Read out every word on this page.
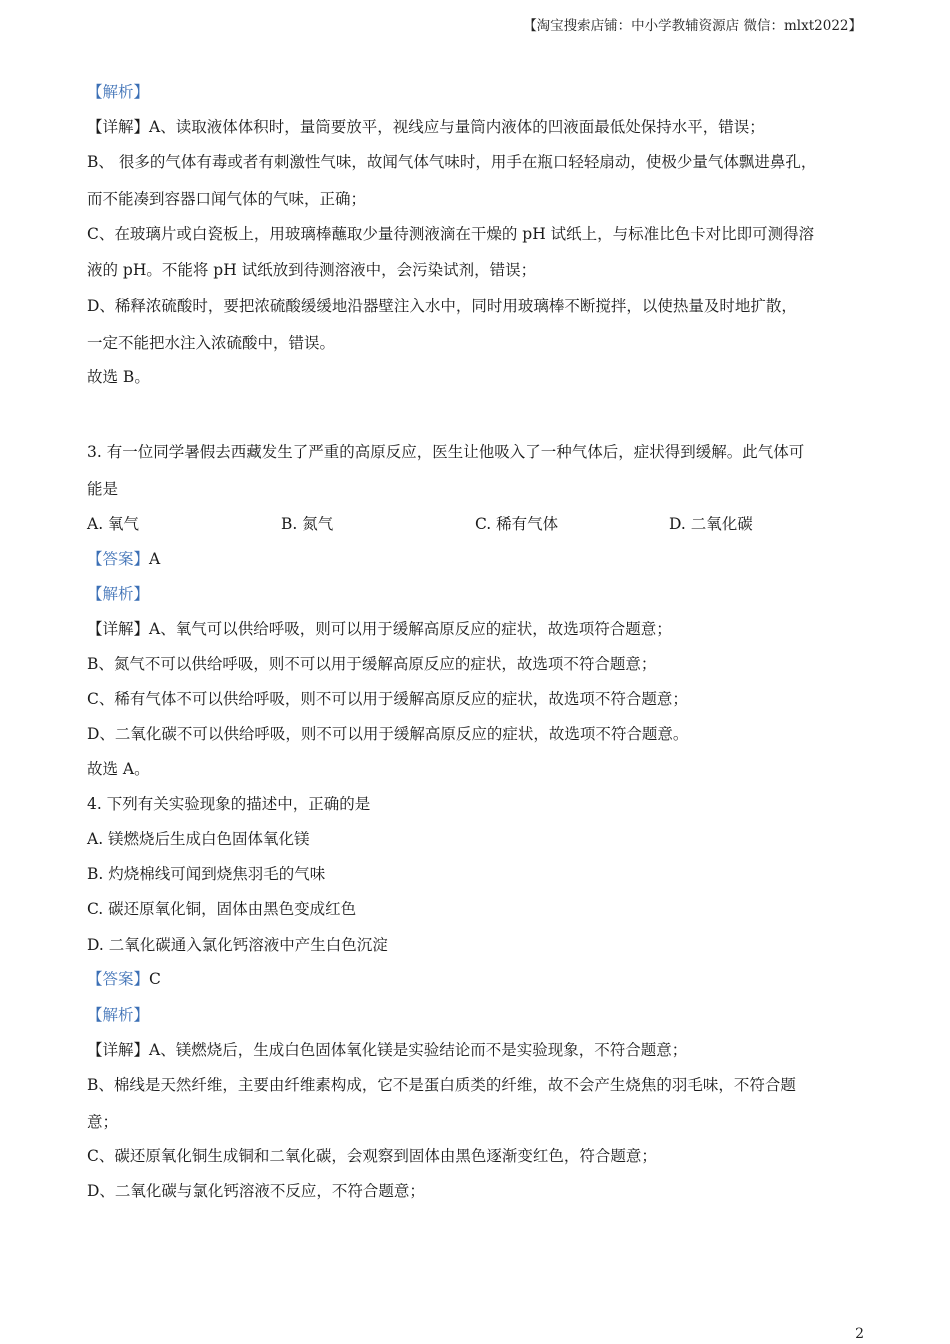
【淘宝搜索店铺：中小学教辅资源店 微信：mlxt2022】
【解析】
【详解】A、读取液体体积时，量筒要放平，视线应与量筒内液体的凹液面最低处保持水平，错误；
B、 很多的气体有毒或者有刺激性气味，故闻气体气味时，用手在瓶口轻轻扇动，使极少量气体飘进鼻孔，
而不能凑到容器口闻气体的气味，正确；
C、在玻璃片或白瓷板上，用玻璃棒蘸取少量待测液滴在干燥的 pH 试纸上，与标准比色卡对比即可测得溶
液的 pH。不能将 pH 试纸放到待测溶液中，会污染试剂，错误；
D、稀释浓硫酸时，要把浓硫酸缓缓地沿器壁注入水中，同时用玻璃棒不断搅拌，以使热量及时地扩散，
一定不能把水注入浓硫酸中，错误。
故选 B。
3. 有一位同学暑假去西藏发生了严重的高原反应，医生让他吸入了一种气体后，症状得到缓解。此气体可
能是
A. 氧气	B. 氮气	C. 稀有气体	D. 二氧化碳
【答案】A
【解析】
【详解】A、氧气可以供给呼吸，则可以用于缓解高原反应的症状，故选项符合题意；
B、氮气不可以供给呼吸，则不可以用于缓解高原反应的症状，故选项不符合题意；
C、稀有气体不可以供给呼吸，则不可以用于缓解高原反应的症状，故选项不符合题意；
D、二氧化碳不可以供给呼吸，则不可以用于缓解高原反应的症状，故选项不符合题意。
故选 A。
4. 下列有关实验现象的描述中，正确的是
A. 镁燃烧后生成白色固体氧化镁
B. 灼烧棉线可闻到烧焦羽毛的气味
C. 碳还原氧化铜，固体由黑色变成红色
D. 二氧化碳通入氯化钙溶液中产生白色沉淀
【答案】C
【解析】
【详解】A、镁燃烧后，生成白色固体氧化镁是实验结论而不是实验现象，不符合题意；
B、棉线是天然纤维，主要由纤维素构成，它不是蛋白质类的纤维，故不会产生烧焦的羽毛味，不符合题
意；
C、碳还原氧化铜生成铜和二氧化碳，会观察到固体由黑色逐渐变红色，符合题意；
D、二氧化碳与氯化钙溶液不反应，不符合题意；
2
